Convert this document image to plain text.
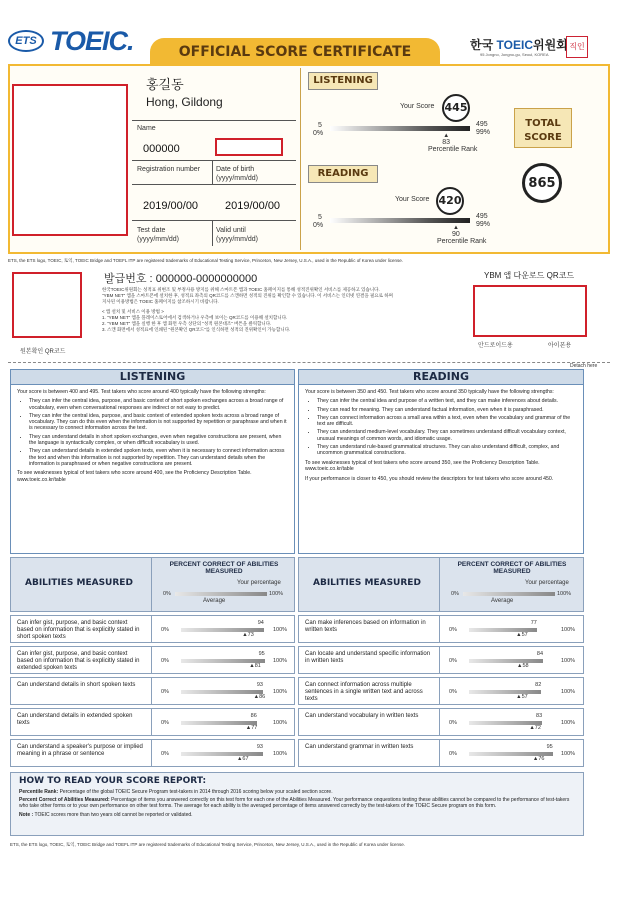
ETS TOEIC.	OFFICIAL SCORE CERTIFICATE	한국 TOEIC위원회
95 Jongno, Jongno-gu, Seoul, KOREA
직인
홍길동
Hong, Gildong
Name
000000
Registration number	Date of birth (yyyy/mm/dd)
2019/00/00 2019/00/00
Test date (yyyy/mm/dd)
Valid until (yyyy/mm/dd)
LISTENING
Your Score 445
5
0%
495
99%
▲
83
Percentile Rank
READING
Your Score 420
5
0%
495
99%
▲
90
Percentile Rank
TOTAL
SCORE
865
ETS, the ETS logo, TOEIC, 토익, TOEIC Bridge and TOEFL ITP are registered trademarks of Educational Testing Service, Princeton, New Jersey, U.S.A., used in the Republic of Korea under license.
원본확인 QR코드
발급번호 : 000000-0000000000
한국TOEIC위원회는 성적표 위변조 및 부정사용 방지를 위해 스마트폰 앱과 TOEIC 홈페이지를 통해 성적진위확인 서비스를 제공하고 있습니다.
"YBM NET" 앱을 스마트폰에 설치한 후, 성적표 좌측의 QR코드를 스캔하면 성적의 진위를 확인할 수 있습니다. 이 서비스는 인터넷 연결을 필요로 하며
지사된 이용방법은 TOEIC 홈페이지를 참조하시기 바랍니다.
< 앱 설치 및 서비스 이용 방법 >
1. "YBM NET" 앱을 플레이스토어에서 검색하거나 우측에 보이는 QR코드를 이용해 설치합니다.
2. "YBM NET" 앱을 실행 한 후 앱 화면 우측 상단의 "성적 원본대조" 버튼을 클릭합니다.
3. 스캔 화면에서 성적표에 인쇄된 "원본확인 QR코드"를 인식하면 성적의 진위확인이 가능합니다.
YBM 앱 다운로드 QR코드
안드로이드용	아이폰용
Detach here
LISTENING
Your score is between 400 and 495. Test takers who score around 400 typically have the following strengths:
• They can infer the central idea, purpose, and basic context of short spoken exchanges across a broad range of vocabulary, even when conversational responses are indirect or not easy to predict.
• They can infer the central idea, purpose, and basic context of extended spoken texts across a broad range of vocabulary. They can do this even when the information is not supported by repetition or paraphrase and when it is necessary to connect information across the text.
• They can understand details in short spoken exchanges, even when negative constructions are present, when the language is syntactically complex, or when difficult vocabulary is used.
• They can understand details in extended spoken texts, even when it is necessary to connect information across the text and when this information is not supported by repetition. They can understand details when the information is paraphrased or when negative constructions are present.
To see weaknesses typical of test takers who score around 400, see the Proficiency Description Table. www.toeic.co.kr/table
READING
Your score is between 350 and 450. Test takers who score around 350 typically have the following strengths:
• They can infer the central idea and purpose of a written text, and they can make inferences about details.
• They can read for meaning. They can understand factual information, even when it is paraphrased.
• They can connect information across a small area within a text, even when the vocabulary and grammar of the text are difficult.
• They can understand medium-level vocabulary. They can sometimes understand difficult vocabulary context, unusual meanings of common words, and idiomatic usage.
• They can understand rule-based grammatical structures. They can also understand difficult, complex, and uncommon grammatical constructions.
To see weaknesses typical of test takers who score around 350, see the Proficiency Description Table. www.toeic.co.kr/table
If your performance is closer to 450, you should review the descriptors for test takers who score around 450.
ABILITIES MEASURED
PERCENT CORRECT OF ABILITIES MEASURED
Your percentage
0%	100%
Average
ABILITIES MEASURED
PERCENT CORRECT OF ABILITIES MEASURED
Your percentage
0%	100%
Average
Can infer gist, purpose, and basic context based on information that is explicitly stated in short spoken texts
0%	100%
94
▲73
Can infer gist, purpose, and basic context based on information that is explicitly stated in extended spoken texts
0%	100%
95
▲81
Can understand details in short spoken texts
0%	100%
93
▲86
Can understand details in extended spoken texts	0%	100%
86
▲77
Can understand a speaker's purpose or implied meaning in a phrase or sentence	0%	100%
93
▲67
Can make inferences based on information in written texts	0%	100%
77
▲57
Can locate and understand specific information in written texts	0%	100%
84
▲58
Can connect information across multiple sentences in a single written text and across texts
0%	100%
82
▲57
Can understand vocabulary in written texts
0%	100%
83
▲72
Can understand grammar in written texts
0%	100%
95
▲76
HOW TO READ YOUR SCORE REPORT:
Percentile Rank: Percentage of the global TOEIC Secure Program test-takers in 2014 through 2016 scoring below your scaled section score.
Percent Correct of Abilities Measured: Percentage of items you answered correctly on this test form for each one of the Abilities Measured. Your performance onquestions testing these abilities cannot be compared to the performance of test-takers who take other forms or to your own performance on other test forms. The average for each ability is the averaged percentage of items answered correctly by the test-takers of the TOEIC Secure program on this form.
Note : TOEIC scores more than two years old cannot be reported or validated.
ETS, the ETS logo, TOEIC, 토익, TOEIC Bridge and TOEFL ITP are registered trademarks of Educational Testing Service, Princeton, New Jersey, U.S.A., used in the Republic of Korea under license.
